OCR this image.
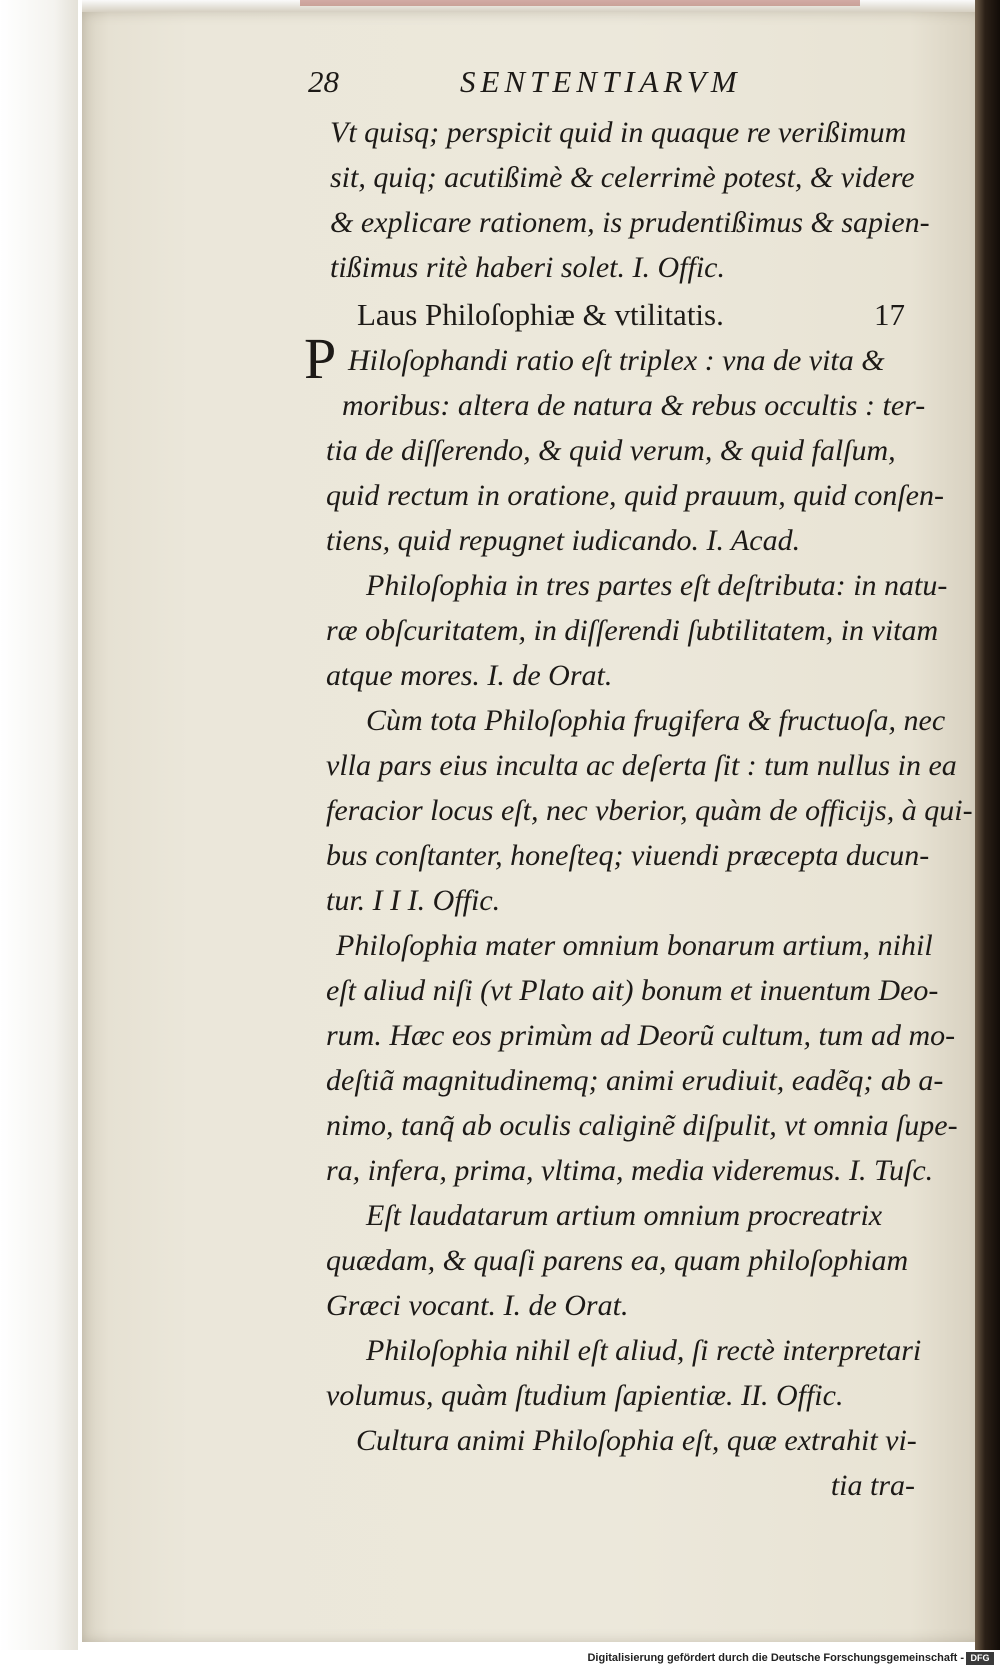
28	SENTENTIARVM
Vt quisq; perspicit quid in quaque re verißimum
sit, quiq; acutißimè & celerrimè potest, & videre
& explicare rationem, is prudentißimus & sapien-
tißimus ritè haberi solet. I. Offic.
Laus Philoſophiæ & vtilitatis.	17
P Hiloſophandi ratio eſt triplex : vna de vita &
moribus: altera de natura & rebus occultis : ter-
tia de diſſerendo, & quid verum, & quid falſum,
quid rectum in oratione, quid prauum, quid conſen-
tiens, quid repugnet iudicando. I. Acad.
Philoſophia in tres partes eſt deſtributa: in natu-
ræ obſcuritatem, in diſſerendi ſubtilitatem, in vitam
atque mores. I. de Orat.
Cùm tota Philoſophia frugifera & fructuoſa, nec
vlla pars eius inculta ac deſerta ſit : tum nullus in ea
feracior locus eſt, nec vberior, quàm de officijs, à qui-
bus conſtanter, honeſteq; viuendi præcepta ducun-
tur. I I I. Offic.
Philoſophia mater omnium bonarum artium, nihil
eſt aliud niſi (vt Plato ait) bonum et inuentum Deo-
rum. Hæc eos primùm ad Deorũ cultum, tum ad mo-
deſtiã magnitudinemq; animi erudiuit, eadẽq; ab a-
nimo, tanq̃ ab oculis caliginẽ diſpulit, vt omnia ſupe-
ra, infera, prima, vltima, media videremus. I. Tuſc.
Eſt laudatarum artium omnium procreatrix
quædam, & quaſi parens ea, quam philoſophiam
Græci vocant. I. de Orat.
Philoſophia nihil eſt aliud, ſi rectè interpretari
volumus, quàm ſtudium ſapientiæ. II. Offic.
Cultura animi Philoſophia eſt, quæ extrahit vi-
tia tra-
Digitalisierung gefördert durch die Deutsche Forschungsgemeinschaft - DFG
